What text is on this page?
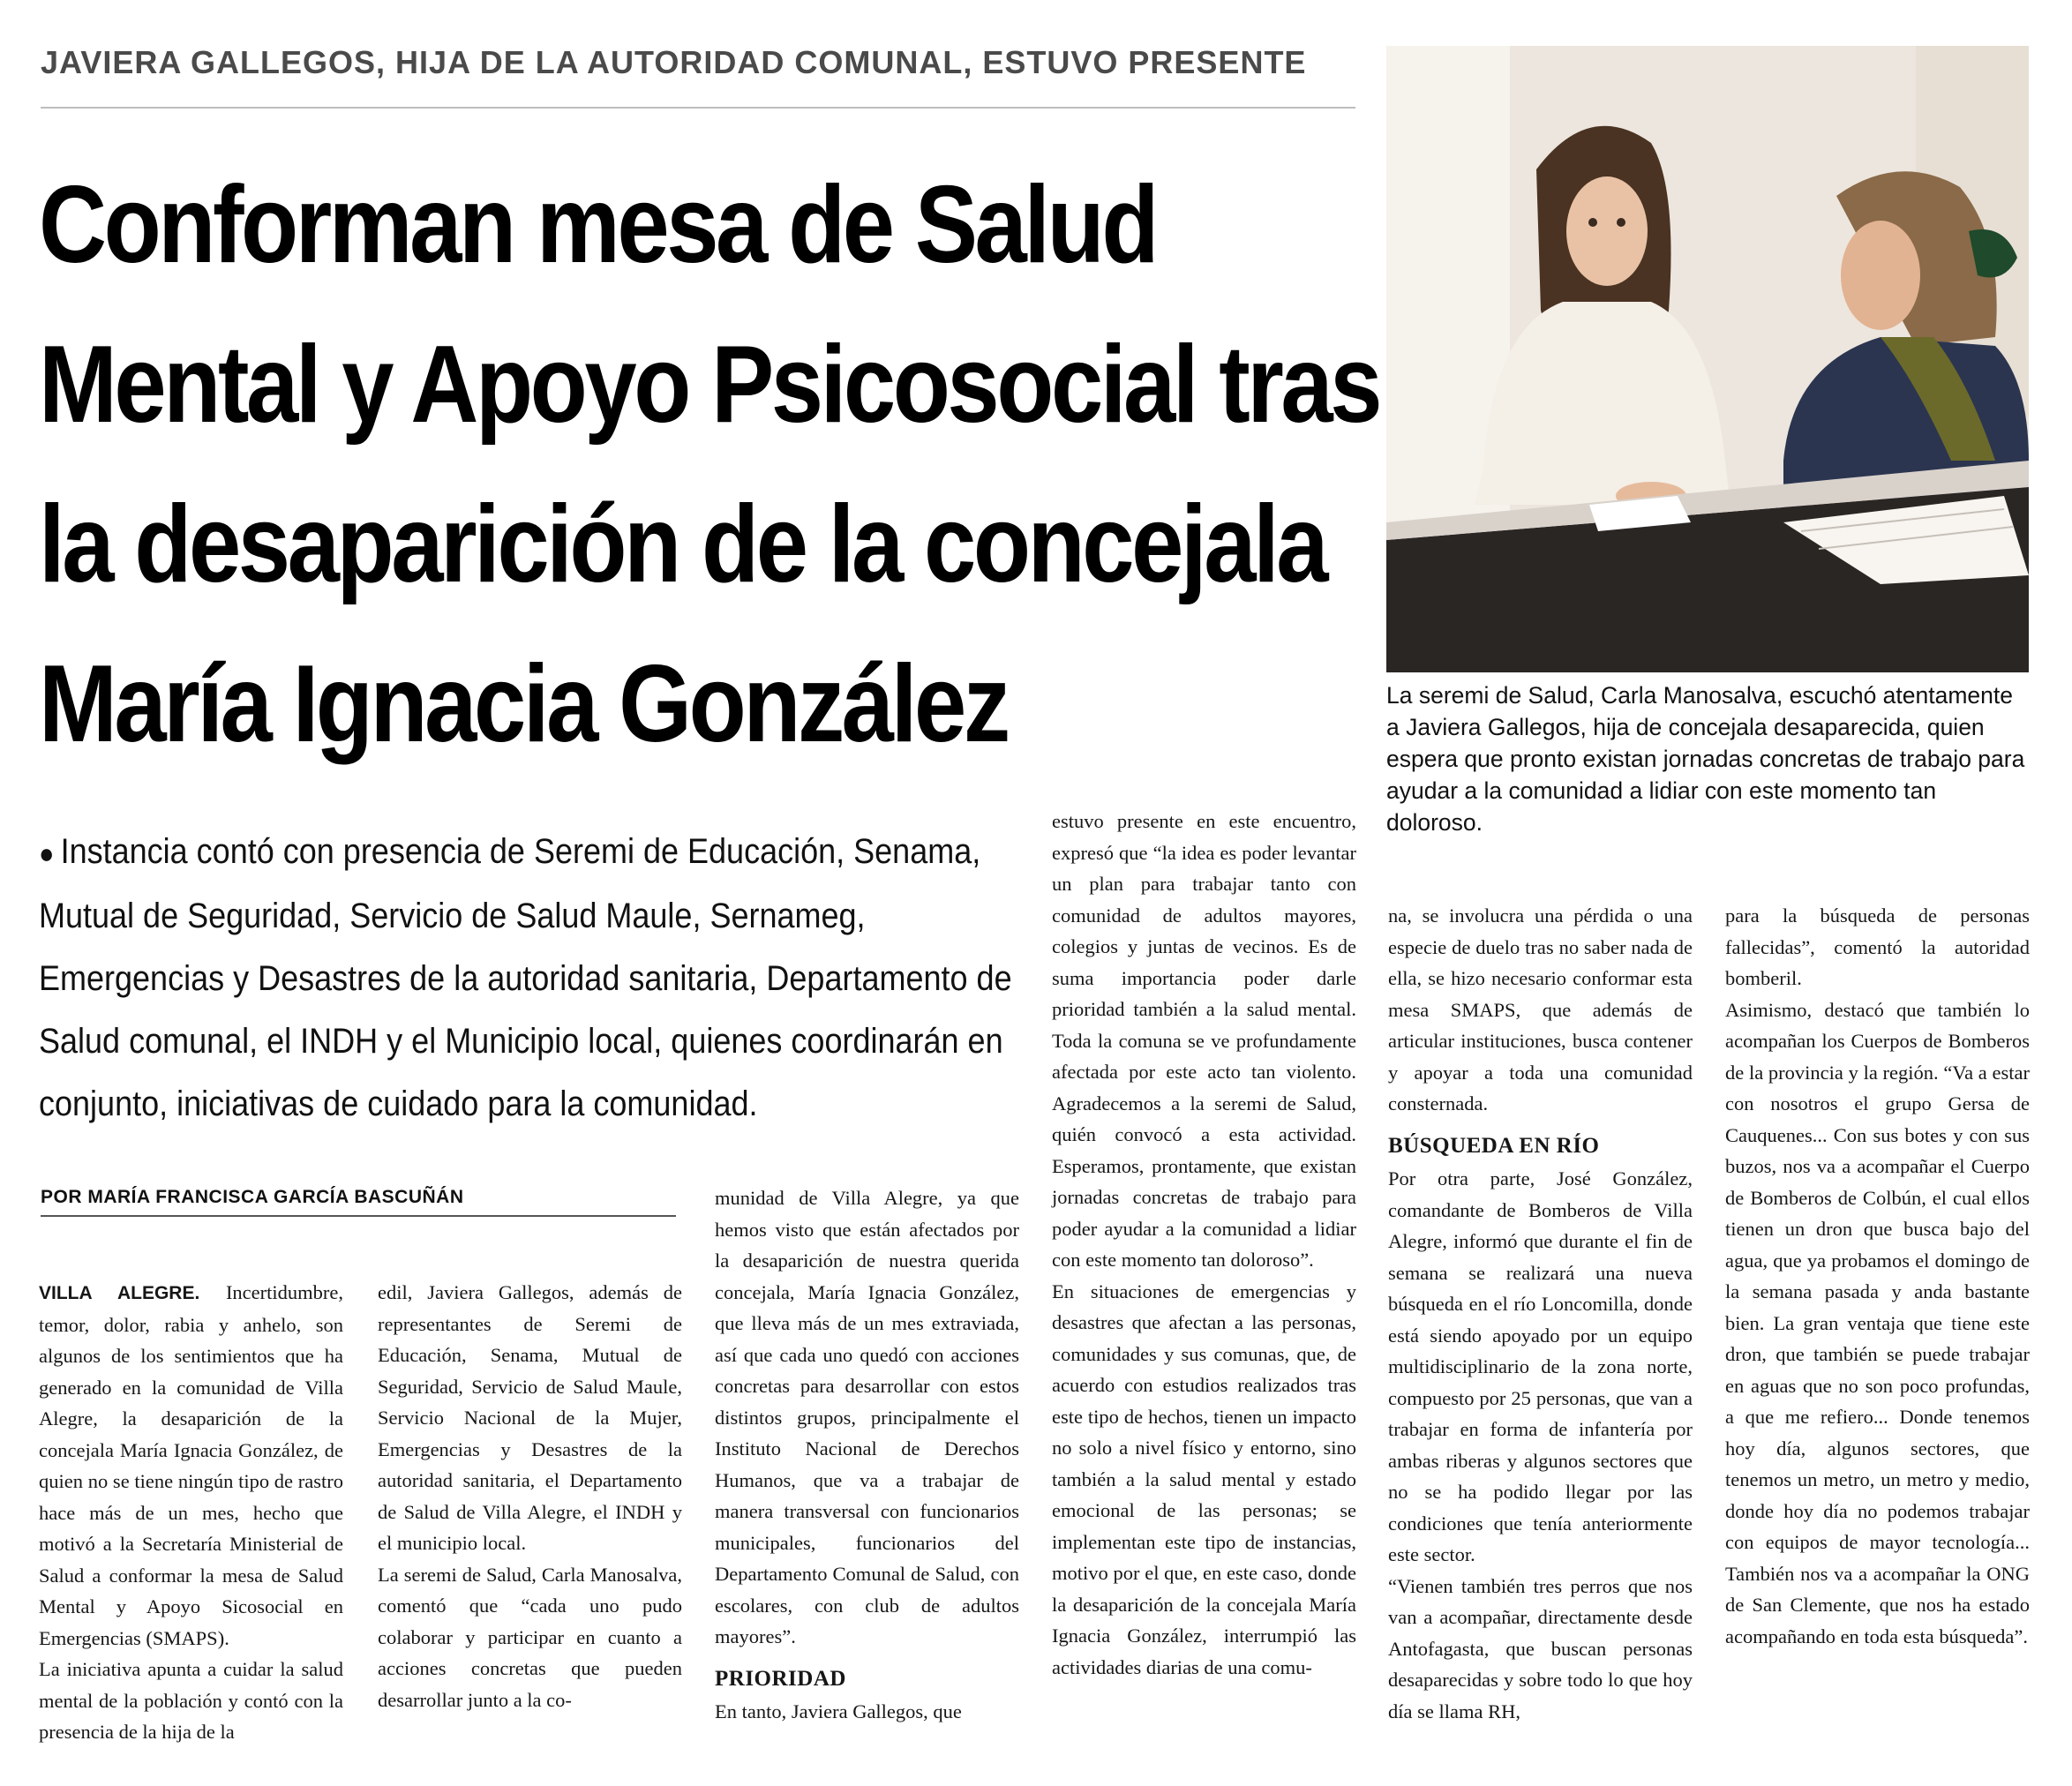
JAVIERA GALLEGOS, HIJA DE LA AUTORIDAD COMUNAL, ESTUVO PRESENTE
Conforman mesa de Salud
Mental y Apoyo Psicosocial tras
la desaparición de la concejala
María Ignacia González	La seremi de Salud, Carla Manosalva, escuchó atentamente a Javiera Gallegos, hija de concejala desaparecida, quien espera que pronto existan jornadas concretas de trabajo para ayudar a la comunidad a lidiar con este momento tan doloroso.

● Instancia contó con presencia de Seremi de Educación, Senama, Mutual de Seguridad, Servicio de Salud Maule, Sernameg, Emergencias y Desastres de la autoridad sanitaria, Departamento de Salud comunal, el INDH y el Municipio local, quienes coordinarán en conjunto, iniciativas de cuidado para la comunidad.
POR MARÍA FRANCISCA GARCÍA BASCUÑÁN

VILLA ALEGRE. Incertidumbre, temor, dolor, rabia y anhelo, son algunos de los sentimientos que ha generado en la comunidad de Villa Alegre, la desaparición de la concejala María Ignacia González, de quien no se tiene ningún tipo de rastro hace más de un mes, hecho que motivó a la Secretaría Ministerial de Salud a conformar la mesa de Salud Mental y Apoyo Sicosocial en Emergencias (SMAPS).

La iniciativa apunta a cuidar la salud mental de la población y contó con la presencia de la hija de la

edil, Javiera Gallegos, además de representantes de Seremi de Educación, Senama, Mutual de Seguridad, Servicio de Salud Maule, Servicio Nacional de la Mujer, Emergencias y Desastres de la autoridad sanitaria, el Departamento de Salud de Villa Alegre, el INDH y el municipio local.

La seremi de Salud, Carla Manosalva, comentó que “cada uno pudo colaborar y participar en cuanto a acciones concretas que pueden desarrollar junto a la co-

munidad de Villa Alegre, ya que hemos visto que están afectados por la desaparición de nuestra querida concejala, María Ignacia González, que lleva más de un mes extraviada, así que cada uno quedó con acciones concretas para desarrollar con estos distintos grupos, principalmente el Instituto Nacional de Derechos Humanos, que va a trabajar de manera transversal con funcionarios municipales, funcionarios del Departamento Comunal de Salud, con escolares, con club de adultos mayores”.

PRIORIDAD

En tanto, Javiera Gallegos, que

estuvo presente en este encuentro, expresó que “la idea es poder levantar un plan para trabajar tanto con comunidad de adultos mayores, colegios y juntas de vecinos. Es de suma importancia poder darle prioridad también a la salud mental. Toda la comuna se ve profundamente afectada por este acto tan violento. Agradecemos a la seremi de Salud, quién convocó a esta actividad. Esperamos, prontamente, que existan jornadas concretas de trabajo para poder ayudar a la comunidad a lidiar con este momento tan doloroso”.

En situaciones de emergencias y desastres que afectan a las personas, comunidades y sus comunas, que, de acuerdo con estudios realizados tras este tipo de hechos, tienen un impacto no solo a nivel físico y entorno, sino también a la salud mental y estado emocional de las personas; se implementan este tipo de instancias, motivo por el que, en este caso, donde la desaparición de la concejala María Ignacia González, interrumpió las actividades diarias de una comu-

na, se involucra una pérdida o una especie de duelo tras no saber nada de ella, se hizo necesario conformar esta mesa SMAPS, que además de articular instituciones, busca contener y apoyar a toda una comunidad consternada.

BÚSQUEDA EN RÍO

Por otra parte, José González, comandante de Bomberos de Villa Alegre, informó que durante el fin de semana se realizará una nueva búsqueda en el río Loncomilla, donde está siendo apoyado por un equipo multidisciplinario de la zona norte, compuesto por 25 personas, que van a trabajar en forma de infantería por ambas riberas y algunos sectores que no se ha podido llegar por las condiciones que tenía anteriormente este sector.

“Vienen también tres perros que nos van a acompañar, directamente desde Antofagasta, que buscan personas desaparecidas y sobre todo lo que hoy día se llama RH,

para la búsqueda de personas fallecidas”, comentó la autoridad bomberil.

Asimismo, destacó que también lo acompañan los Cuerpos de Bomberos de la provincia y la región. “Va a estar con nosotros el grupo Gersa de Cauquenes... Con sus botes y con sus buzos, nos va a acompañar el Cuerpo de Bomberos de Colbún, el cual ellos tienen un dron que busca bajo del agua, que ya probamos el domingo de la semana pasada y anda bastante bien. La gran ventaja que tiene este dron, que también se puede trabajar en aguas que no son poco profundas, a que me refiero... Donde tenemos hoy día, algunos sectores, que tenemos un metro, un metro y medio, donde hoy día no podemos trabajar con equipos de mayor tecnología... También nos va a acompañar la ONG de San Clemente, que nos ha estado acompañando en toda esta búsqueda”.
